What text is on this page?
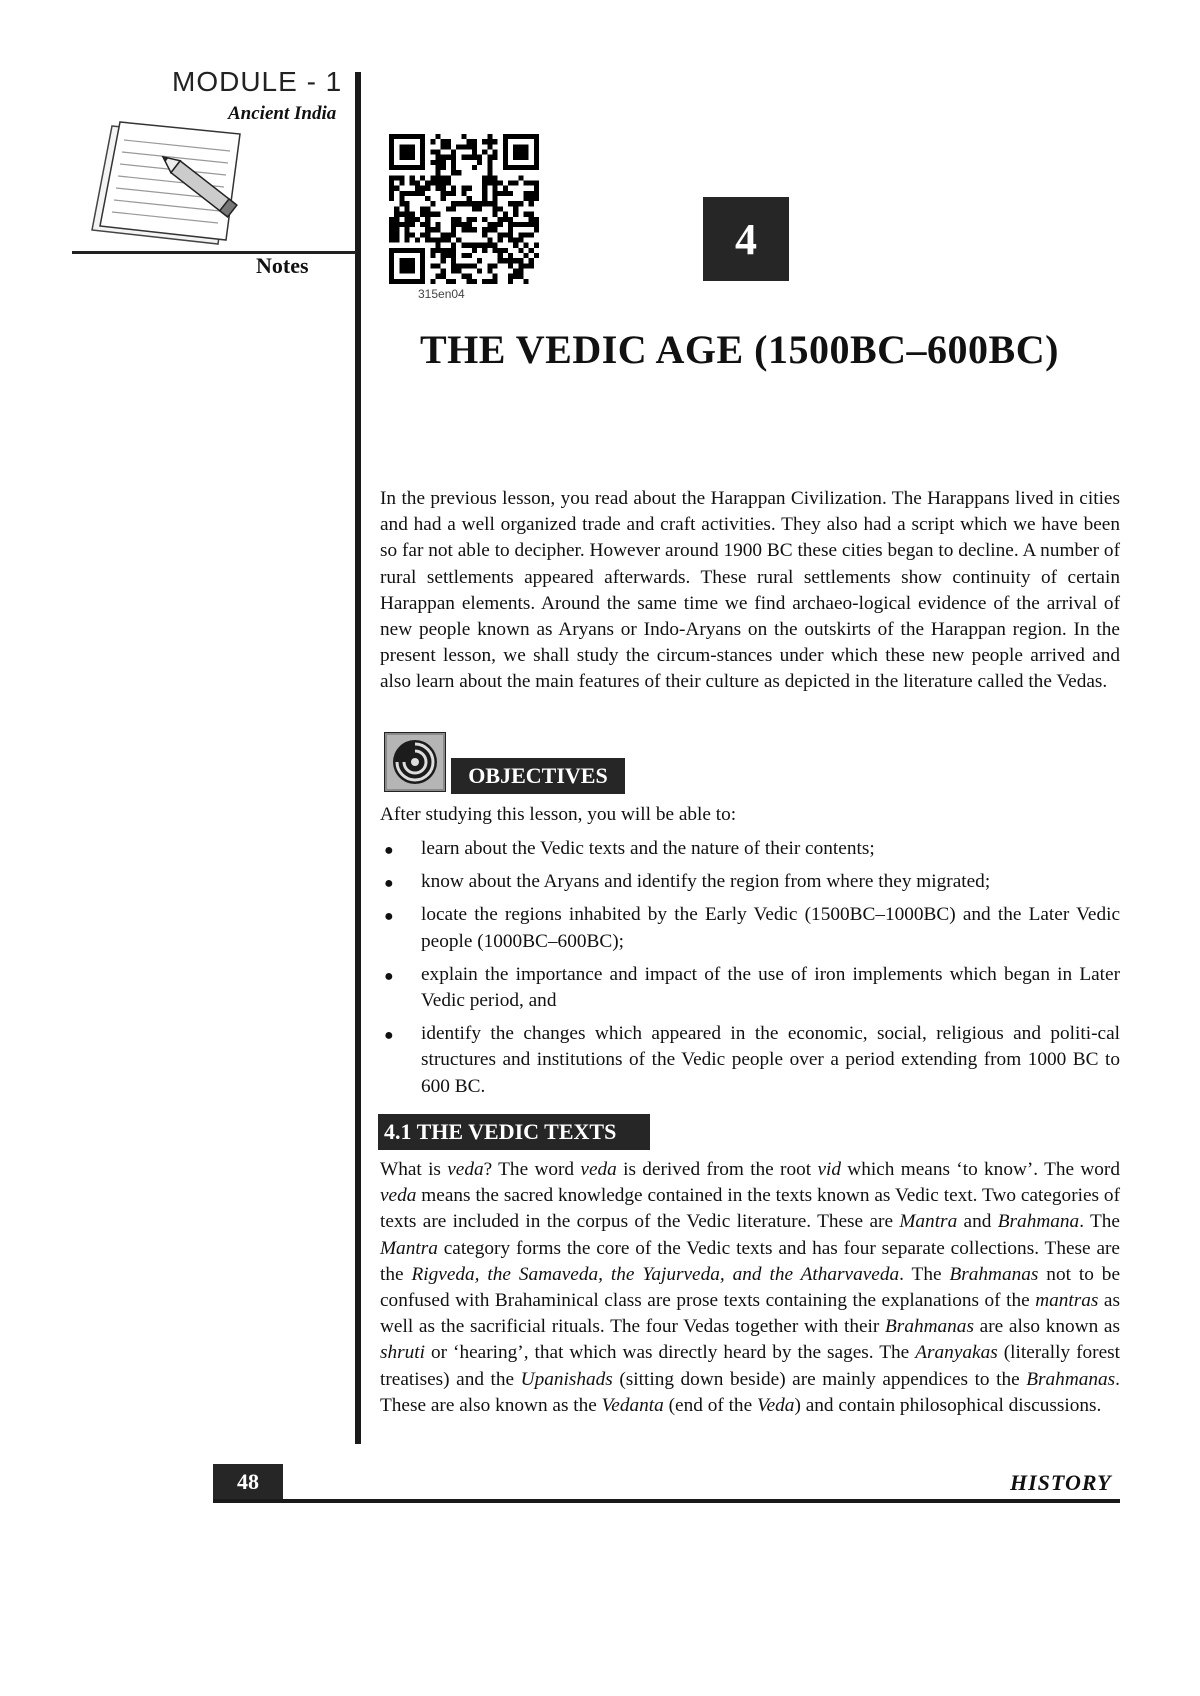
MODULE - 1
Ancient India
Notes
315en04
4
THE VEDIC AGE (1500BC–600BC)
In the previous lesson, you read about the Harappan Civilization. The Harappans lived in cities and had a well organized trade and craft activities. They also had a script which we have been so far not able to decipher. However around 1900 BC these cities began to decline. A number of rural settlements appeared afterwards. These rural settlements show continuity of certain Harappan elements. Around the same time we find archaeo-logical evidence of the arrival of new people known as Aryans or Indo-Aryans on the outskirts of the Harappan region. In the present lesson, we shall study the circum-stances under which these new people arrived and also learn about the main features of their culture as depicted in the literature called the Vedas.
OBJECTIVES
After studying this lesson, you will be able to:
● learn about the Vedic texts and the nature of their contents;
● know about the Aryans and identify the region from where they migrated;
● locate the regions inhabited by the Early Vedic (1500BC–1000BC) and the Later Vedic people (1000BC–600BC);
● explain the importance and impact of the use of iron implements which began in Later Vedic period, and
● identify the changes which appeared in the economic, social, religious and politi-cal structures and institutions of the Vedic people over a period extending from 1000 BC to 600 BC.
4.1 THE VEDIC TEXTS
What is veda? The word veda is derived from the root vid which means ‘to know’. The word veda means the sacred knowledge contained in the texts known as Vedic text. Two categories of texts are included in the corpus of the Vedic literature. These are Mantra and Brahmana. The Mantra category forms the core of the Vedic texts and has four separate collections. These are the Rigveda, the Samaveda, the Yajurveda, and the Atharvaveda. The Brahmanas not to be confused with Brahaminical class are prose texts containing the explanations of the mantras as well as the sacrificial rituals. The four Vedas together with their Brahmanas are also known as shruti or ‘hearing’, that which was directly heard by the sages. The Aranyakas (literally forest treatises) and the Upanishads (sitting down beside) are mainly appendices to the Brahmanas. These are also known as the Vedanta (end of the Veda) and contain philosophical discussions.
48	HISTORY
